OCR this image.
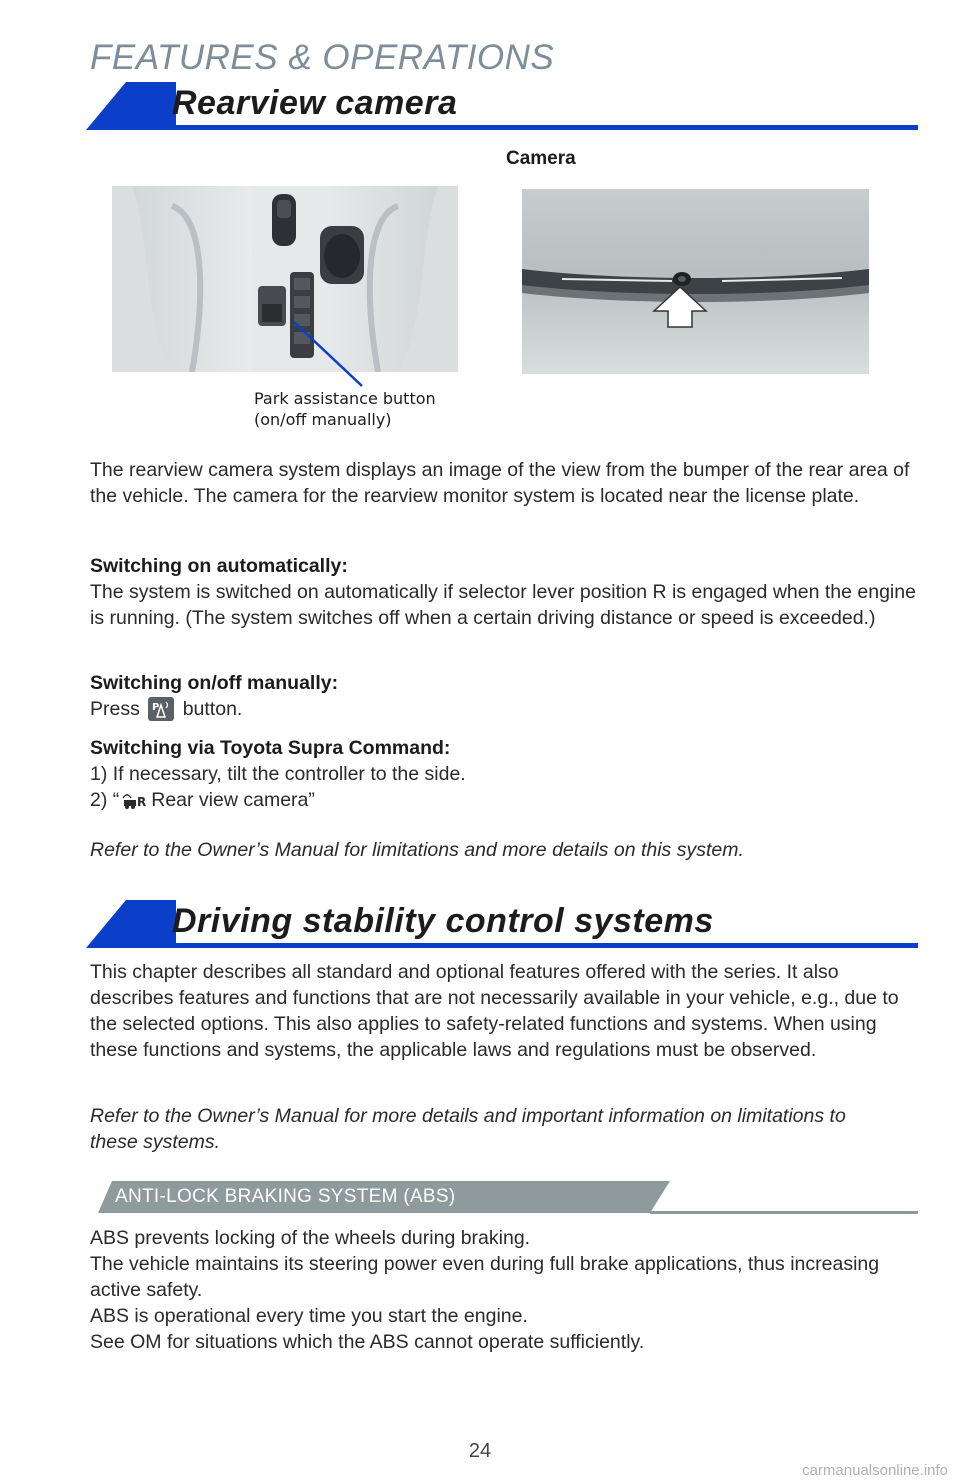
FEATURES & OPERATIONS
Rearview camera
Camera
Park assistance button
(on/off manually)
The rearview camera system displays an image of the view from the bumper of the rear area of the vehicle. The camera for the rearview monitor system is located near the license plate.
Switching on automatically:
The system is switched on automatically if selector lever position R is engaged when the engine is running. (The system switches off when a certain driving distance or speed is exceeded.)
Switching on/off manually:
Press P button.
Switching via Toyota Supra Command:
1) If necessary, tilt the controller to the side.
2) “ R Rear view camera”
Refer to the Owner’s Manual for limitations and more details on this system.
Driving stability control systems
This chapter describes all standard and optional features offered with the series. It also describes features and functions that are not necessarily available in your vehicle, e.g., due to the selected options. This also applies to safety-related functions and systems. When using these functions and systems, the applicable laws and regulations must be observed.
Refer to the Owner’s Manual for more details and important information on limitations to these systems.
ANTI-LOCK BRAKING SYSTEM (ABS)
ABS prevents locking of the wheels during braking.
The vehicle maintains its steering power even during full brake applications, thus increasing active safety.
ABS is operational every time you start the engine.
See OM for situations which the ABS cannot operate sufficiently.
24
carmanualsonline.info
